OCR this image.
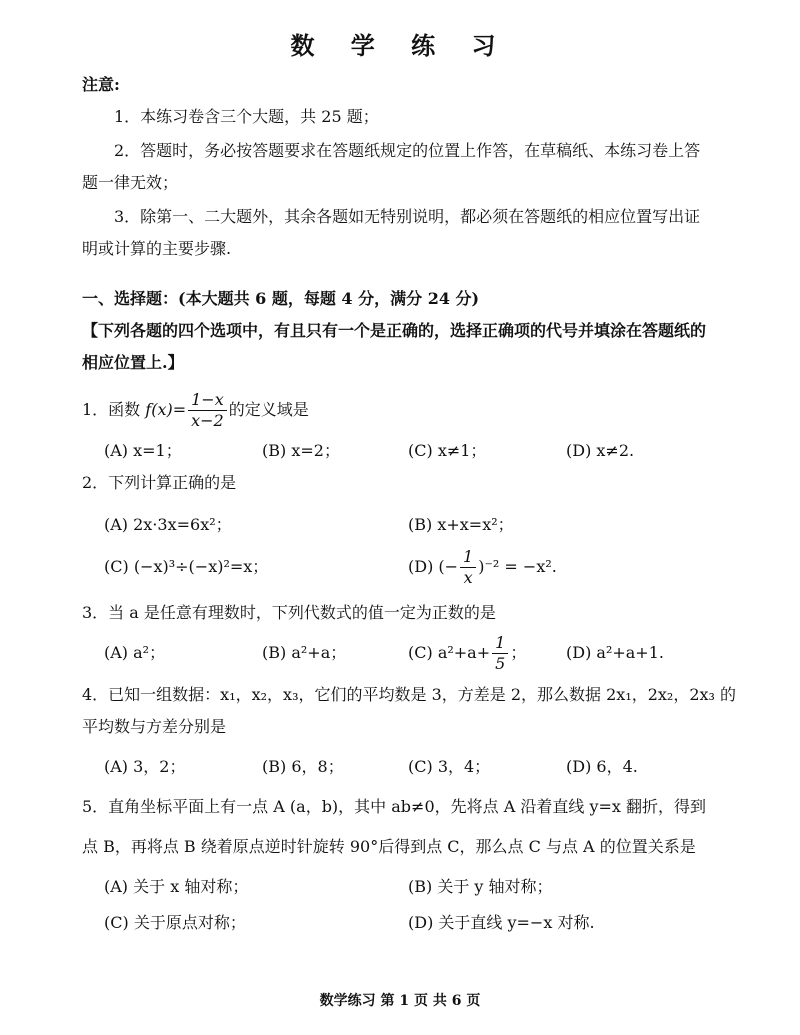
数 学 练 习
注意:
1．本练习卷含三个大题，共 25 题；
2．答题时，务必按答题要求在答题纸规定的位置上作答，在草稿纸、本练习卷上答
题一律无效；
3．除第一、二大题外，其余各题如无特别说明，都必须在答题纸的相应位置写出证
明或计算的主要步骤.
一、选择题：(本大题共 6 题，每题 4 分，满分 24 分)
【下列各题的四个选项中，有且只有一个是正确的，选择正确项的代号并填涂在答题纸的
相应位置上.】
1．函数 $f(x)= \frac{1-x}{x-2}$ 的定义域是
(A) x=1；	(B) x=2；	(C) x≠1；	(D) x≠2.
2．下列计算正确的是
(A) 2x·3x=6x²；	(B) x+x=x²；
(C) (−x)³÷(−x)²=x；	(D) (− $\frac{1}{x} )^{-2} = -x^2$.
3．当 a 是任意有理数时，下列代数式的值一定为正数的是
(A) a²；	(B) a²+a；	(C) $a^2+a+ \frac{1}{5}$ ； (D) a²+a+1.
4．已知一组数据：x₁，x₂，x₃，它们的平均数是 3，方差是 2，那么数据 2x₁，2x₂，2x₃ 的
平均数与方差分别是
(A) 3，2；	(B) 6，8；	(C) 3，4；	(D) 6，4.
5．直角坐标平面上有一点 A (a，b)，其中 ab≠0，先将点 A 沿着直线 y=x 翻折，得到
点 B，再将点 B 绕着原点逆时针旋转 90°后得到点 C，那么点 C 与点 A 的位置关系是
(A) 关于 x 轴对称；	(B) 关于 y 轴对称；
(C) 关于原点对称；	(D) 关于直线 y=−x 对称.
数学练习 第 1 页 共 6 页
